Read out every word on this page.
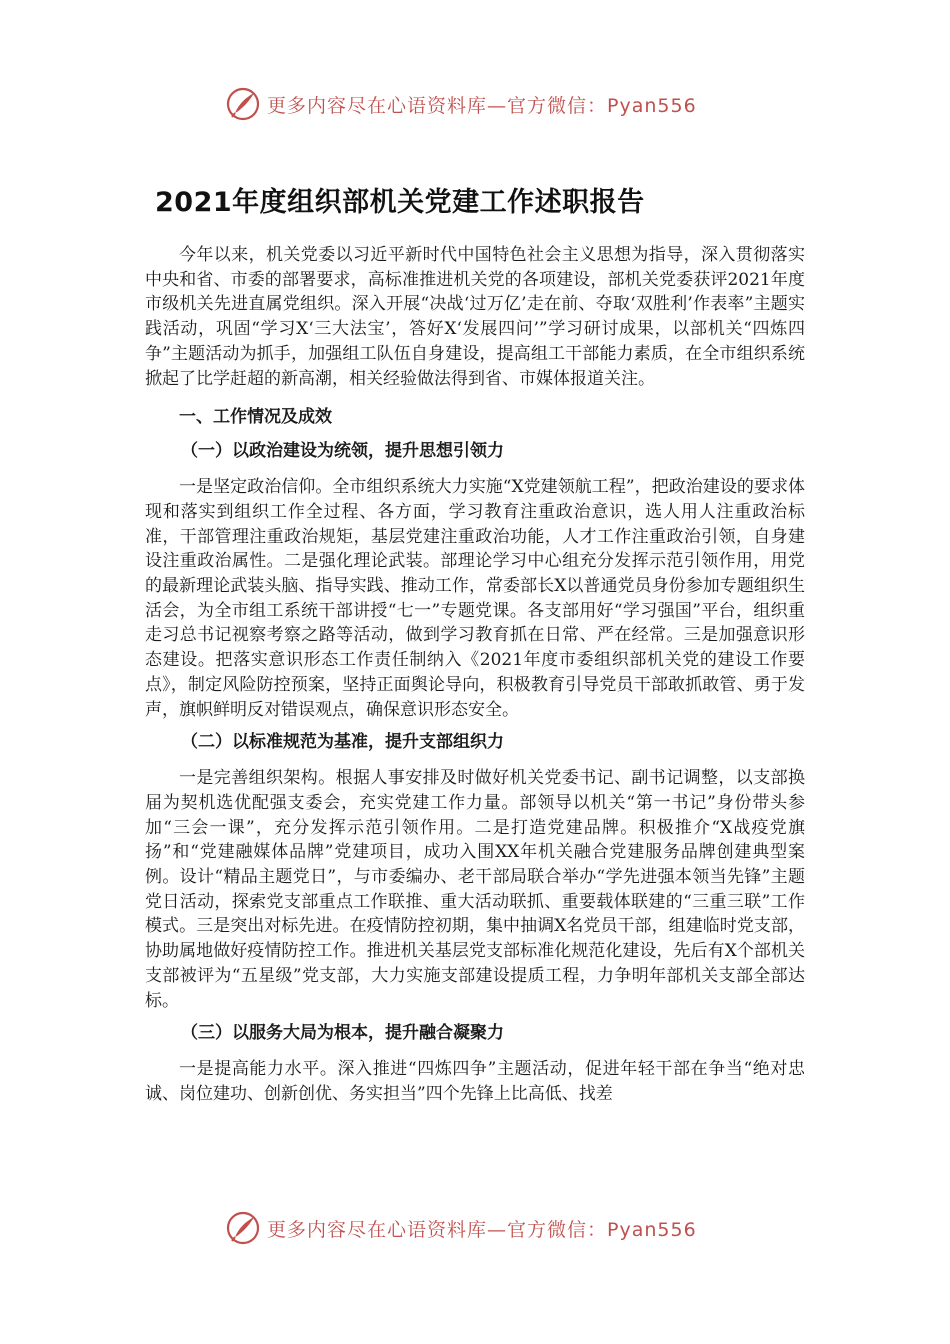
更多内容尽在心语资料库—官方微信：Pyan556
2021年度组织部机关党建工作述职报告

今年以来，机关党委以习近平新时代中国特色社会主义思想为指导，深入贯彻落实中央和省、市委的部署要求，高标准推进机关党的各项建设，部机关党委获评2021年度市级机关先进直属党组织。深入开展“决战‘过万亿’走在前、夺取‘双胜利’作表率”主题实践活动，巩固“学习X‘三大法宝’，答好X‘发展四问’”学习研讨成果，以部机关“四炼四争”主题活动为抓手，加强组工队伍自身建设，提高组工干部能力素质，在全市组织系统掀起了比学赶超的新高潮，相关经验做法得到省、市媒体报道关注。

一、工作情况及成效
（一）以政治建设为统领，提升思想引领力

一是坚定政治信仰。全市组织系统大力实施“X党建领航工程”，把政治建设的要求体现和落实到组织工作全过程、各方面，学习教育注重政治意识，选人用人注重政治标准，干部管理注重政治规矩，基层党建注重政治功能，人才工作注重政治引领，自身建设注重政治属性。二是强化理论武装。部理论学习中心组充分发挥示范引领作用，用党的最新理论武装头脑、指导实践、推动工作，常委部长X以普通党员身份参加专题组织生活会，为全市组工系统干部讲授“七一”专题党课。各支部用好“学习强国”平台，组织重走习总书记视察考察之路等活动，做到学习教育抓在日常、严在经常。三是加强意识形态建设。把落实意识形态工作责任制纳入《2021年度市委组织部机关党的建设工作要点》，制定风险防控预案，坚持正面舆论导向，积极教育引导党员干部敢抓敢管、勇于发声，旗帜鲜明反对错误观点，确保意识形态安全。

（二）以标准规范为基准，提升支部组织力

一是完善组织架构。根据人事安排及时做好机关党委书记、副书记调整，以支部换届为契机选优配强支委会，充实党建工作力量。部领导以机关“第一书记”身份带头参加“三会一课”，充分发挥示范引领作用。二是打造党建品牌。积极推介“X战疫党旗扬”和“党建融媒体品牌”党建项目，成功入围XX年机关融合党建服务品牌创建典型案例。设计“精品主题党日”，与市委编办、老干部局联合举办“学先进强本领当先锋”主题党日活动，探索党支部重点工作联推、重大活动联抓、重要载体联建的“三重三联”工作模式。三是突出对标先进。在疫情防控初期，集中抽调X名党员干部，组建临时党支部，协助属地做好疫情防控工作。推进机关基层党支部标准化规范化建设，先后有X个部机关支部被评为“五星级”党支部，大力实施支部建设提质工程，力争明年部机关支部全部达标。

（三）以服务大局为根本，提升融合凝聚力

一是提高能力水平。深入推进“四炼四争”主题活动，促进年轻干部在争当“绝对忠诚、岗位建功、创新创优、务实担当”四个先锋上比高低、找差

更多内容尽在心语资料库—官方微信：Pyan556
